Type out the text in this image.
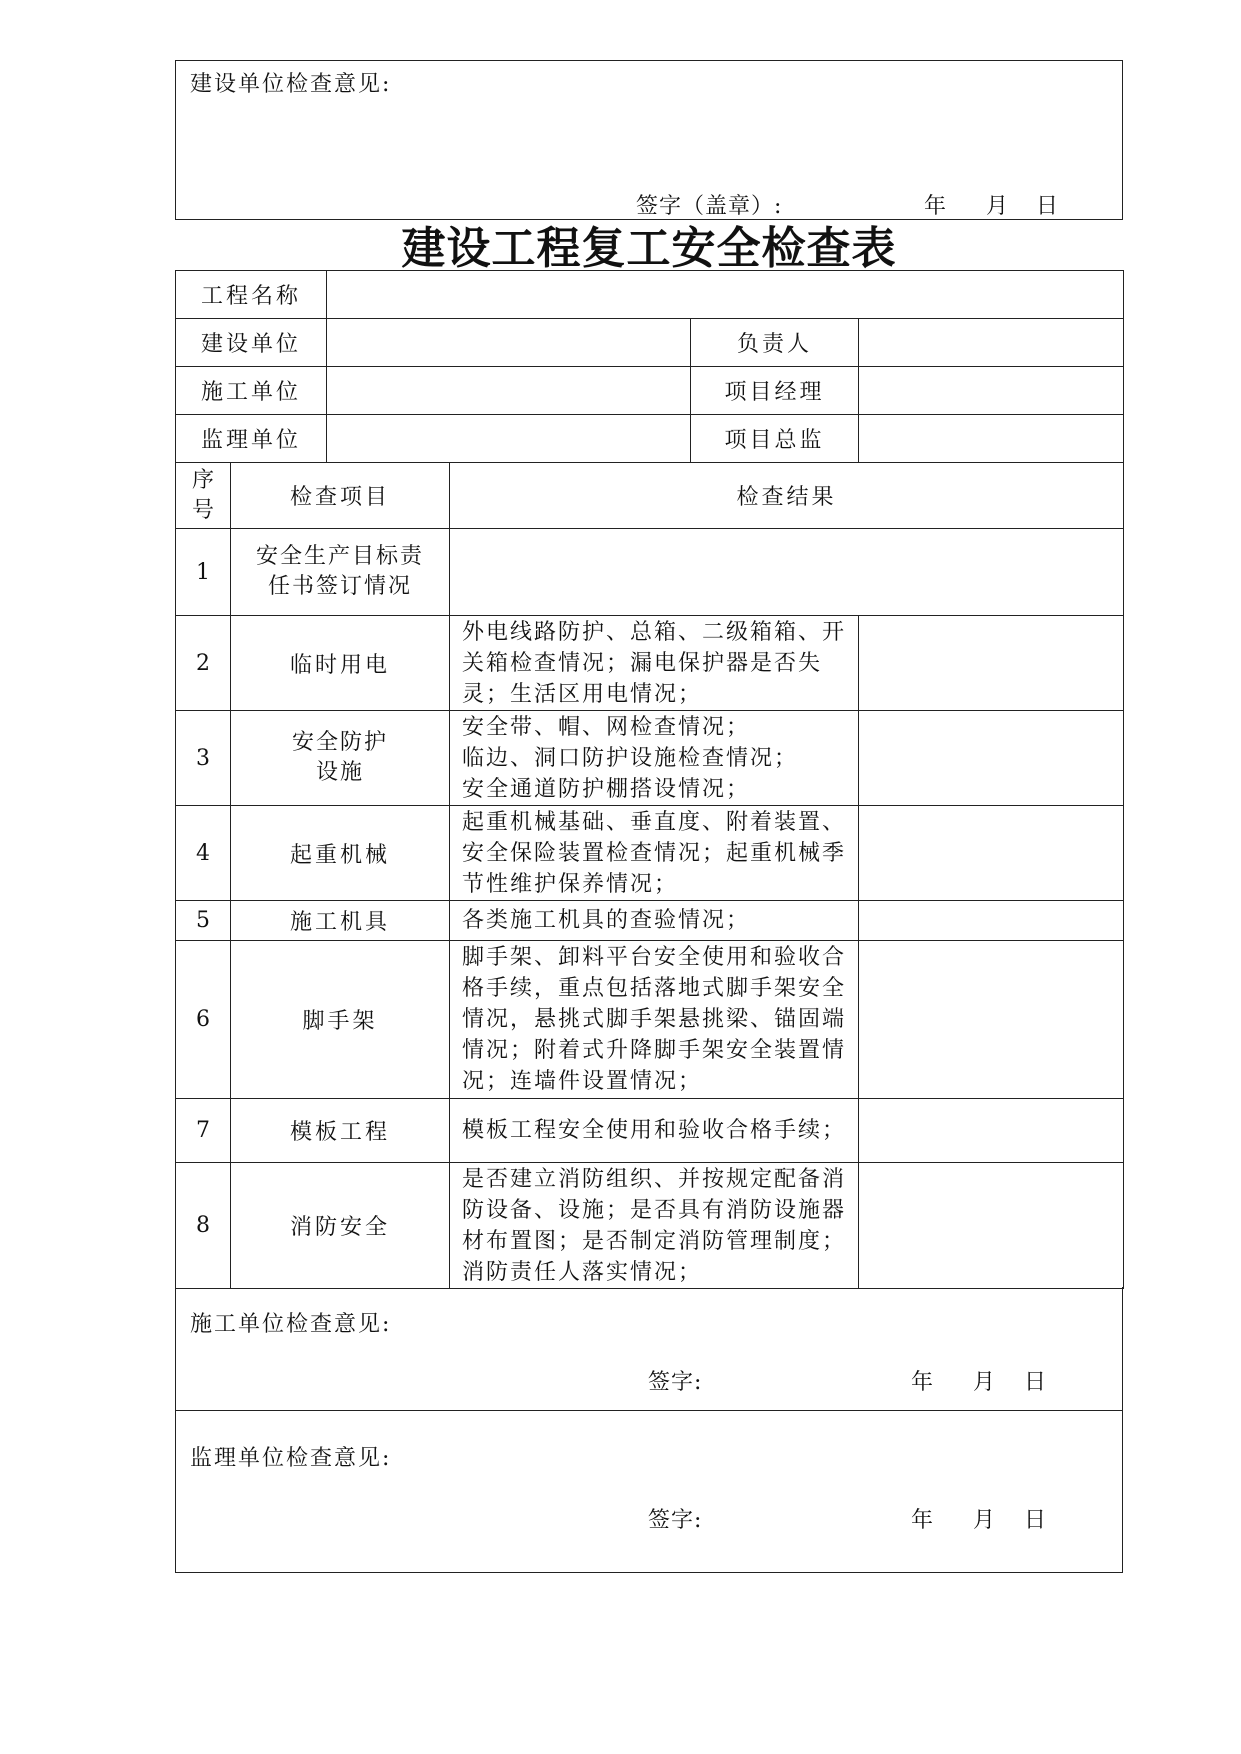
建设单位检查意见:
签字（盖章）:	年 月 日
建设工程复工安全检查表
工程名称					
建设单位				负责人	
施工单位				项目经理	
监理单位				项目总监	
序
号	检查项目		检查结果		
1	安全生产目标责任书签订情况				
2	临时用电		外电线路防护、总箱、二级箱箱、开关箱检查情况；漏电保护器是否失灵；生活区用电情况；		
3	安全防护设施		安全带、帽、网检查情况；
临边、洞口防护设施检查情况；
安全通道防护棚搭设情况；		
4	起重机械		起重机械基础、垂直度、附着装置、安全保险装置检查情况；起重机械季节性维护保养情况；		
5	施工机具		各类施工机具的查验情况；		
6	脚手架		脚手架、卸料平台安全使用和验收合格手续，重点包括落地式脚手架安全情况，悬挑式脚手架悬挑梁、锚固端情况；附着式升降脚手架安全装置情况；连墙件设置情况；		
7	模板工程		模板工程安全使用和验收合格手续；		
8	消防安全		是否建立消防组织、并按规定配备消防设备、设施；是否具有消防设施器材布置图；是否制定消防管理制度；消防责任人落实情况；		
施工单位检查意见:
签字:	年 月 日
监理单位检查意见:
签字:	年 月 日
